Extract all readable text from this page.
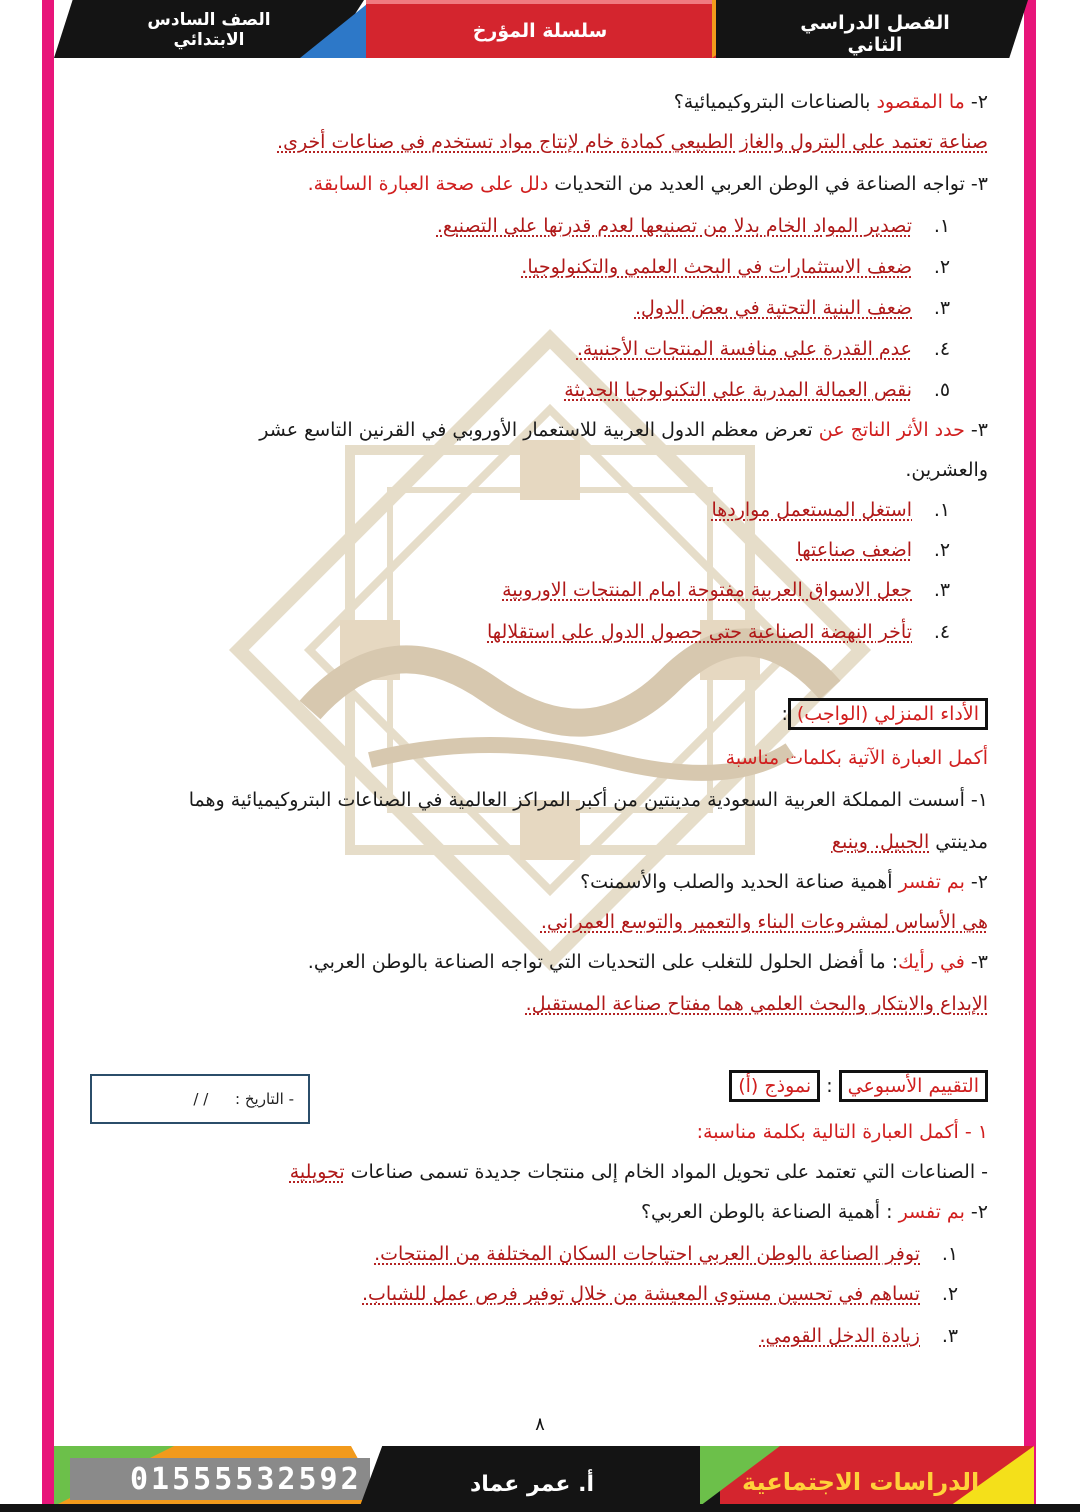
الصف السادس الابتدائي	سلسلة المؤرخ	الفصل الدراسي الثاني
٢- ما المقصود بالصناعات البتروكيميائية؟
صناعة تعتمد على البترول والغاز الطبيعي كمادة خام لإنتاج مواد تستخدم في صناعات أخرى.
٣- تواجه الصناعة في الوطن العربي العديد من التحديات دلل على صحة العبارة السابقة.
١.تصدير المواد الخام بدلا من تصنيعها لعدم قدرتها على التصنيع.
٢.ضعف الاستثمارات في البحث العلمي والتكنولوجيا.
٣.ضعف البنية التحتية في بعض الدول.
٤.عدم القدرة على منافسة المنتجات الأجنبية.
٥.نقص العمالة المدربة على التكنولوجيا الحديثة
٣- حدد الأثر الناتج عن تعرض معظم الدول العربية للاستعمار الأوروبي في القرنين التاسع عشر
والعشرين.
١.استغل المستعمل مواردها
٢.اضعف صناعتها
٣.جعل الاسواق العربية مفتوحة امام المنتجات الاوروبية
٤.تأخر النهضة الصناعية حتى حصول الدول على استقلالها
الأداء المنزلي (الواجب):
أكمل العبارة الآتية بكلمات مناسبة
١- أسست المملكة العربية السعودية مدينتين من أكبر المراكز العالمية في الصناعات البتروكيميائية وهما
مدينتي الجبيل. وينبع
٢- بم تفسر أهمية صناعة الحديد والصلب والأسمنت؟
هي الأساس لمشروعات البناء والتعمير والتوسع العمراني.
٣- في رأيك: ما أفضل الحلول للتغلب على التحديات التي تواجه الصناعة بالوطن العربي.
الإبداع والابتكار والبحث العلمي هما مفتاح صناعة المستقبل.
التقييم الأسبوعي : نموذج (أ)
١ - أكمل العبارة التالية بكلمة مناسبة:
- الصناعات التي تعتمد على تحويل المواد الخام إلى منتجات جديدة تسمى صناعات تحويلية
٢- بم تفسر : أهمية الصناعة بالوطن العربي؟
١.توفر الصناعة بالوطن العربي احتياجات السكان المختلفة من المنتجات.
٢.تساهم في تحسين مستوى المعيشة من خلال توفير فرص عمل للشباب.
٣.زيادة الدخل القومي.
- التاريخ : / /
٨
01555532592	أ. عمر عماد	الدراسات الاجتماعية
